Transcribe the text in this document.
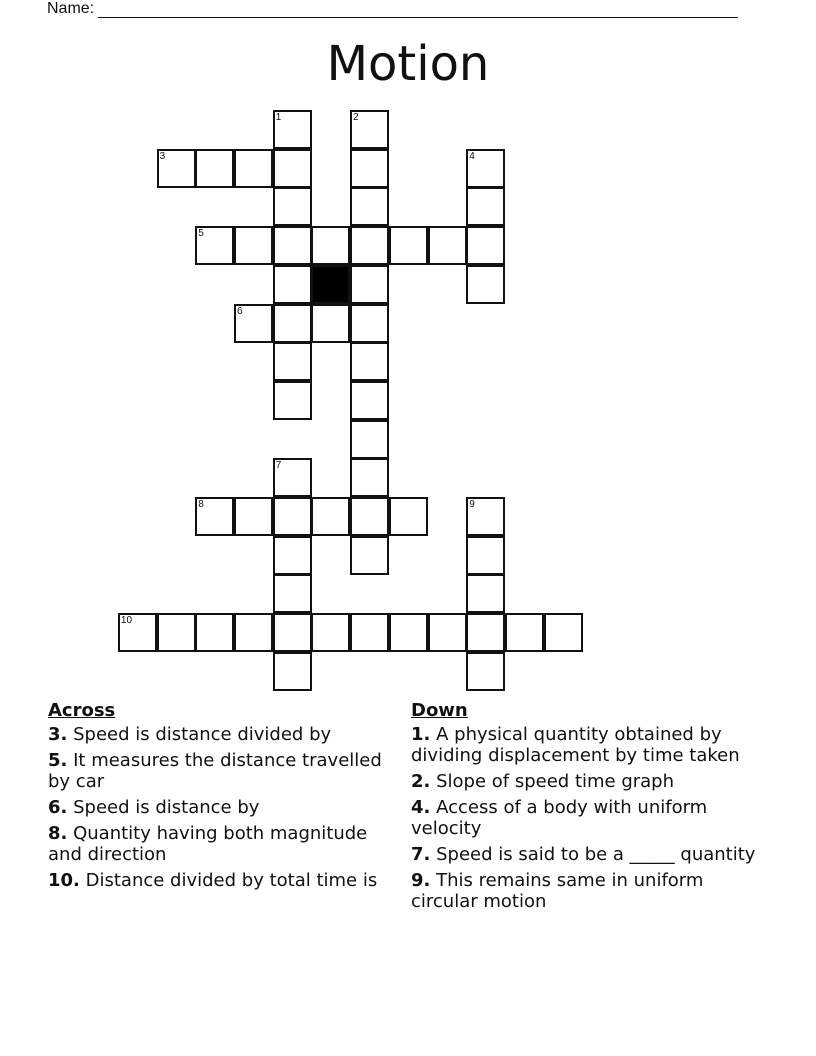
Name:
Motion
1	2
3	4
5
6
7
8	9
10
Across
3. Speed is distance divided by
5. It measures the distance travelled by car
6. Speed is distance by
8. Quantity having both magnitude and direction
10. Distance divided by total time is
Down
1. A physical quantity obtained by dividing displacement by time taken
2. Slope of speed time graph
4. Access of a body with uniform velocity
7. Speed is said to be a _____ quantity
9. This remains same in uniform circular motion
